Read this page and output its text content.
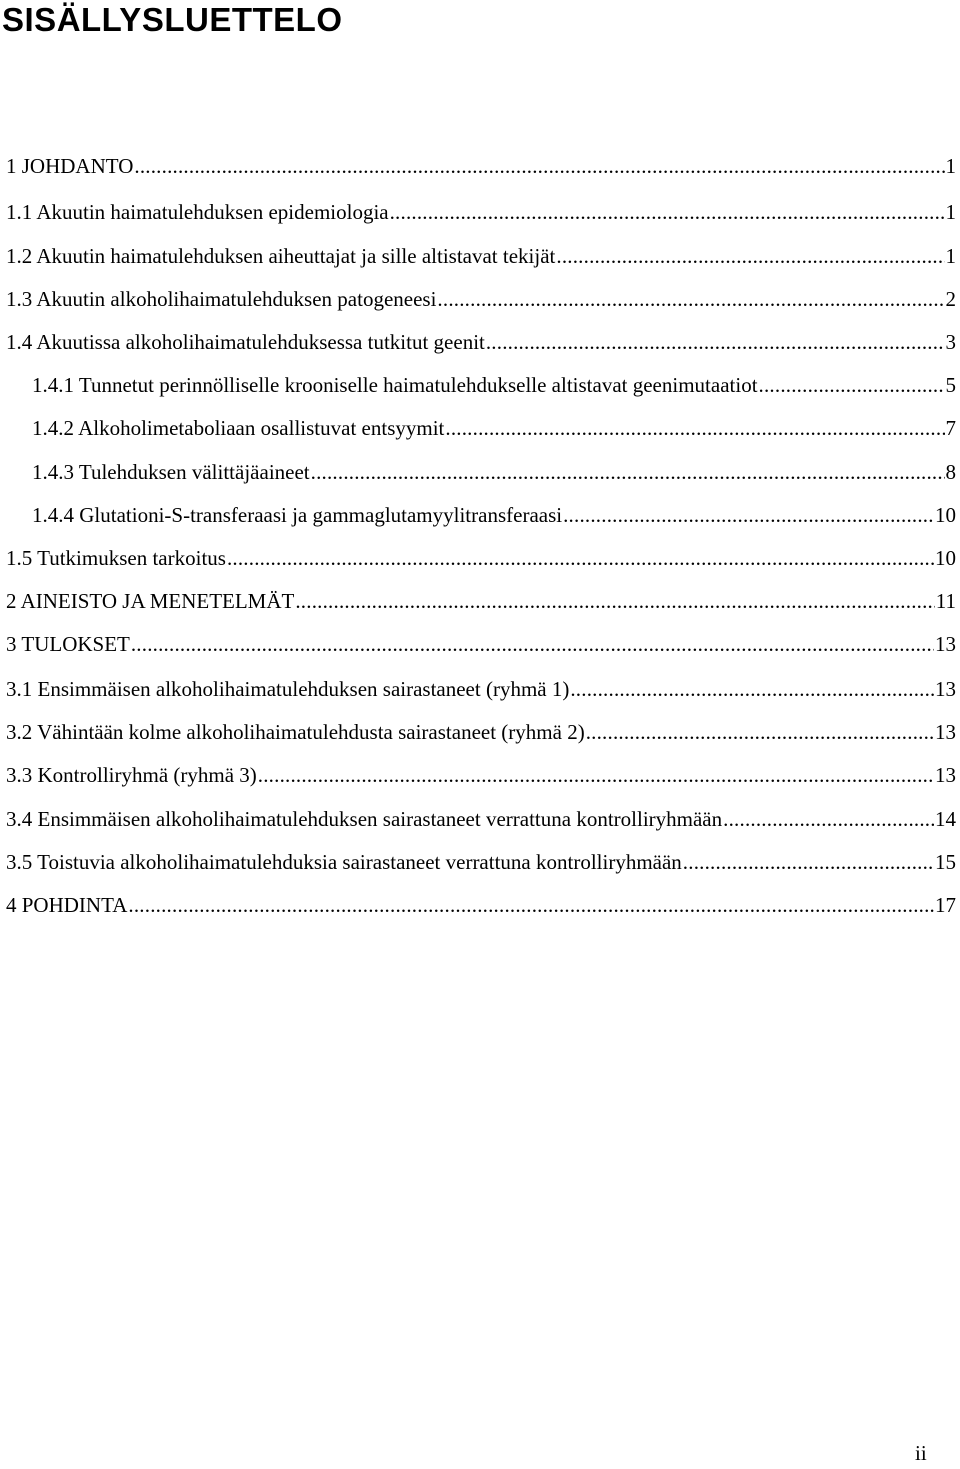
SISÄLLYSLUETTELO
1 JOHDANTO .....	1
1.1 Akuutin haimatulehduksen epidemiologia .....	1
1.2 Akuutin haimatulehduksen aiheuttajat ja sille altistavat tekijät .....	1
1.3 Akuutin alkoholihaimatulehduksen patogeneesi .....	2
1.4 Akuutissa alkoholihaimatulehduksessa tutkitut geenit .....	3
1.4.1 Tunnetut perinnölliselle krooniselle haimatulehdukselle altistavat geenimutaatiot .....	5
1.4.2 Alkoholimetaboliaan osallistuvat entsyymit .....	7
1.4.3 Tulehduksen välittäjäaineet .....	8
1.4.4 Glutationi-S-transferaasi ja gammaglutamyylitransferaasi .....	10
1.5 Tutkimuksen tarkoitus .....	10
2 AINEISTO JA MENETELMÄT .....	11
3 TULOKSET .....	13
3.1 Ensimmäisen alkoholihaimatulehduksen sairastaneet (ryhmä 1) .....	13
3.2 Vähintään kolme alkoholihaimatulehdusta sairastaneet (ryhmä 2) .....	13
3.3 Kontrolliryhmä (ryhmä 3) .....	13
3.4 Ensimmäisen alkoholihaimatulehduksen sairastaneet verrattuna kontrolliryhmään .....	14
3.5 Toistuvia alkoholihaimatulehduksia sairastaneet verrattuna kontrolliryhmään .....	15
4 POHDINTA .....	17
ii
